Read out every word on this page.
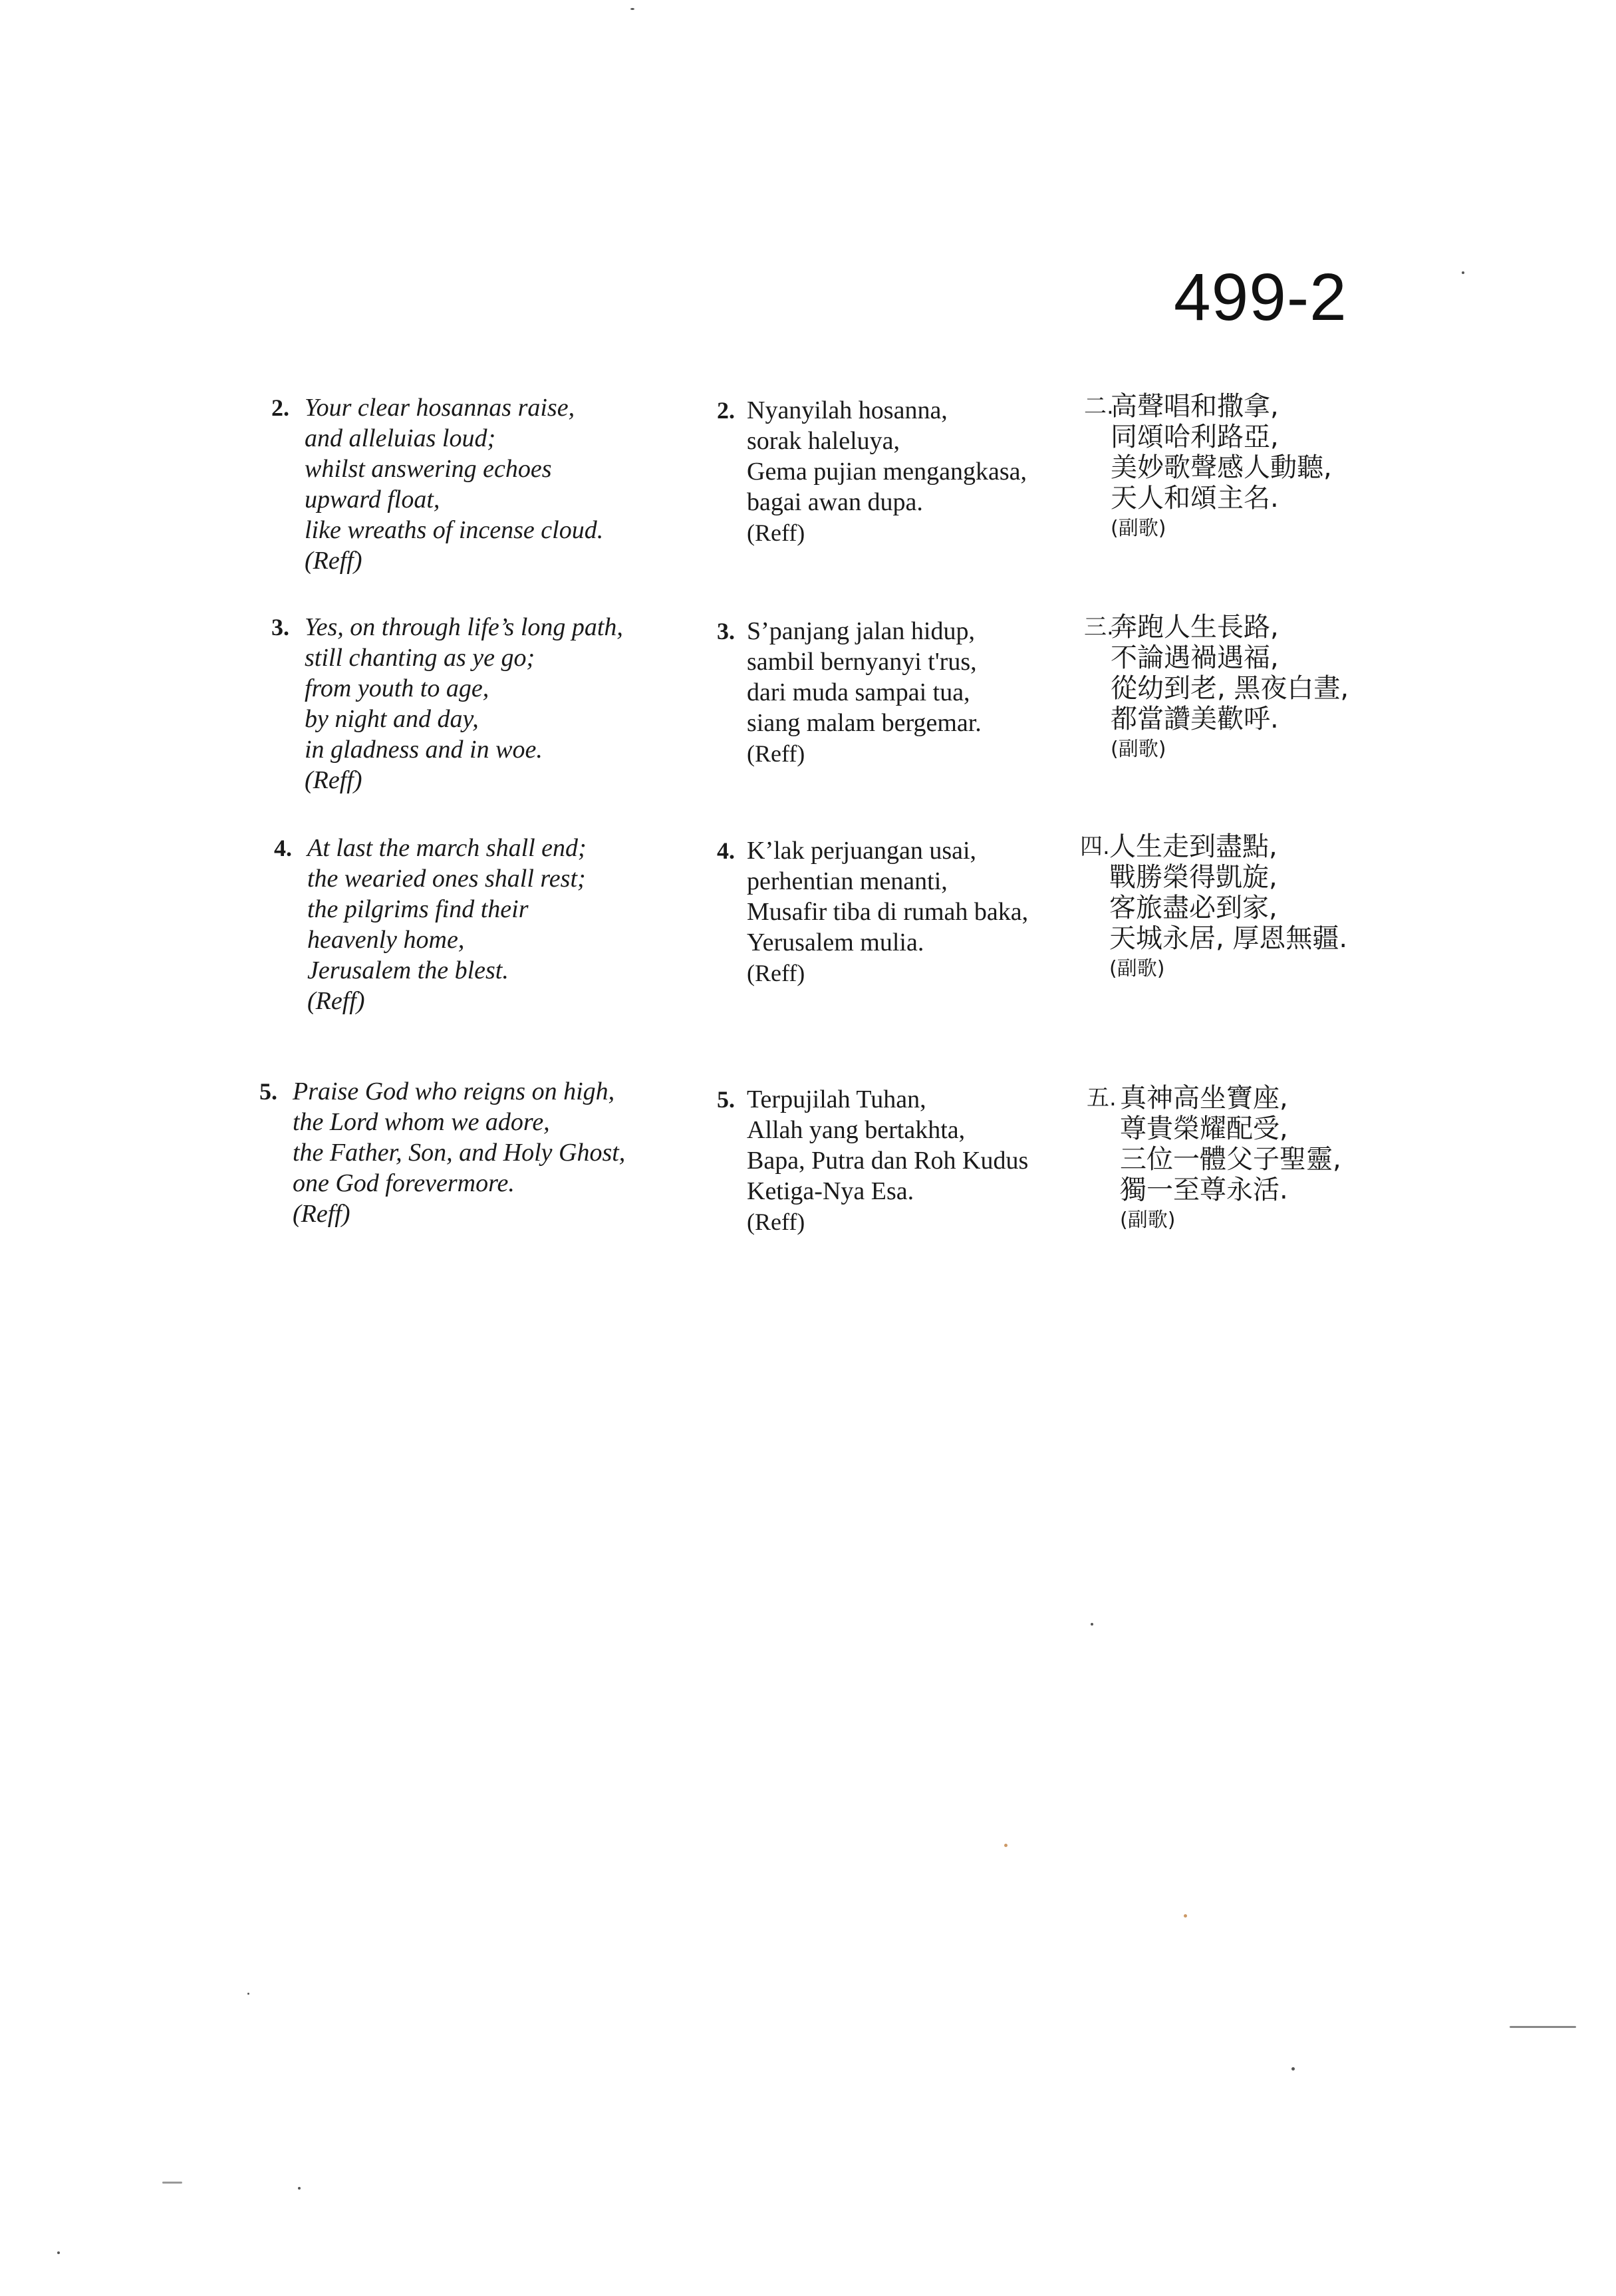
499-2
2. Your clear hosannas raise,
and alleluias loud;
whilst answering echoes
upward float,
like wreaths of incense cloud.
(Reff)
2. Nyanyilah hosanna,
sorak haleluya,
Gema pujian mengangkasa,
bagai awan dupa.
(Reff)
二.
高聲唱和撒拿,
同頌哈利路亞,
美妙歌聲感人動聽,
天人和頌主名.
(副歌)
3. Yes, on through life’s long path,
still chanting as ye go;
from youth to age,
by night and day,
in gladness and in woe.
(Reff)
3. S’panjang jalan hidup,
sambil bernyanyi t'rus,
dari muda sampai tua,
siang malam bergemar.
(Reff)
三.
奔跑人生長路,
不論遇禍遇福,
從幼到老, 黑夜白晝,
都當讚美歡呼.
(副歌)
4. At last the march shall end;
the wearied ones shall rest;
the pilgrims find their
heavenly home,
Jerusalem the blest.
(Reff)
4. K’lak perjuangan usai,
perhentian menanti,
Musafir tiba di rumah baka,
Yerusalem mulia.
(Reff)
四. 人生走到盡點,
戰勝榮得凱旋,
客旅盡必到家,
天城永居, 厚恩無疆.
(副歌)
5. Praise God who reigns on high,
the Lord whom we adore,
the Father, Son, and Holy Ghost,
one God forevermore.
(Reff)
5. Terpujilah Tuhan,
Allah yang bertakhta,
Bapa, Putra dan Roh Kudus
Ketiga-Nya Esa.
(Reff)
五. 真神高坐寶座,
尊貴榮耀配受,
三位一體父子聖靈,
獨一至尊永活.
(副歌)
